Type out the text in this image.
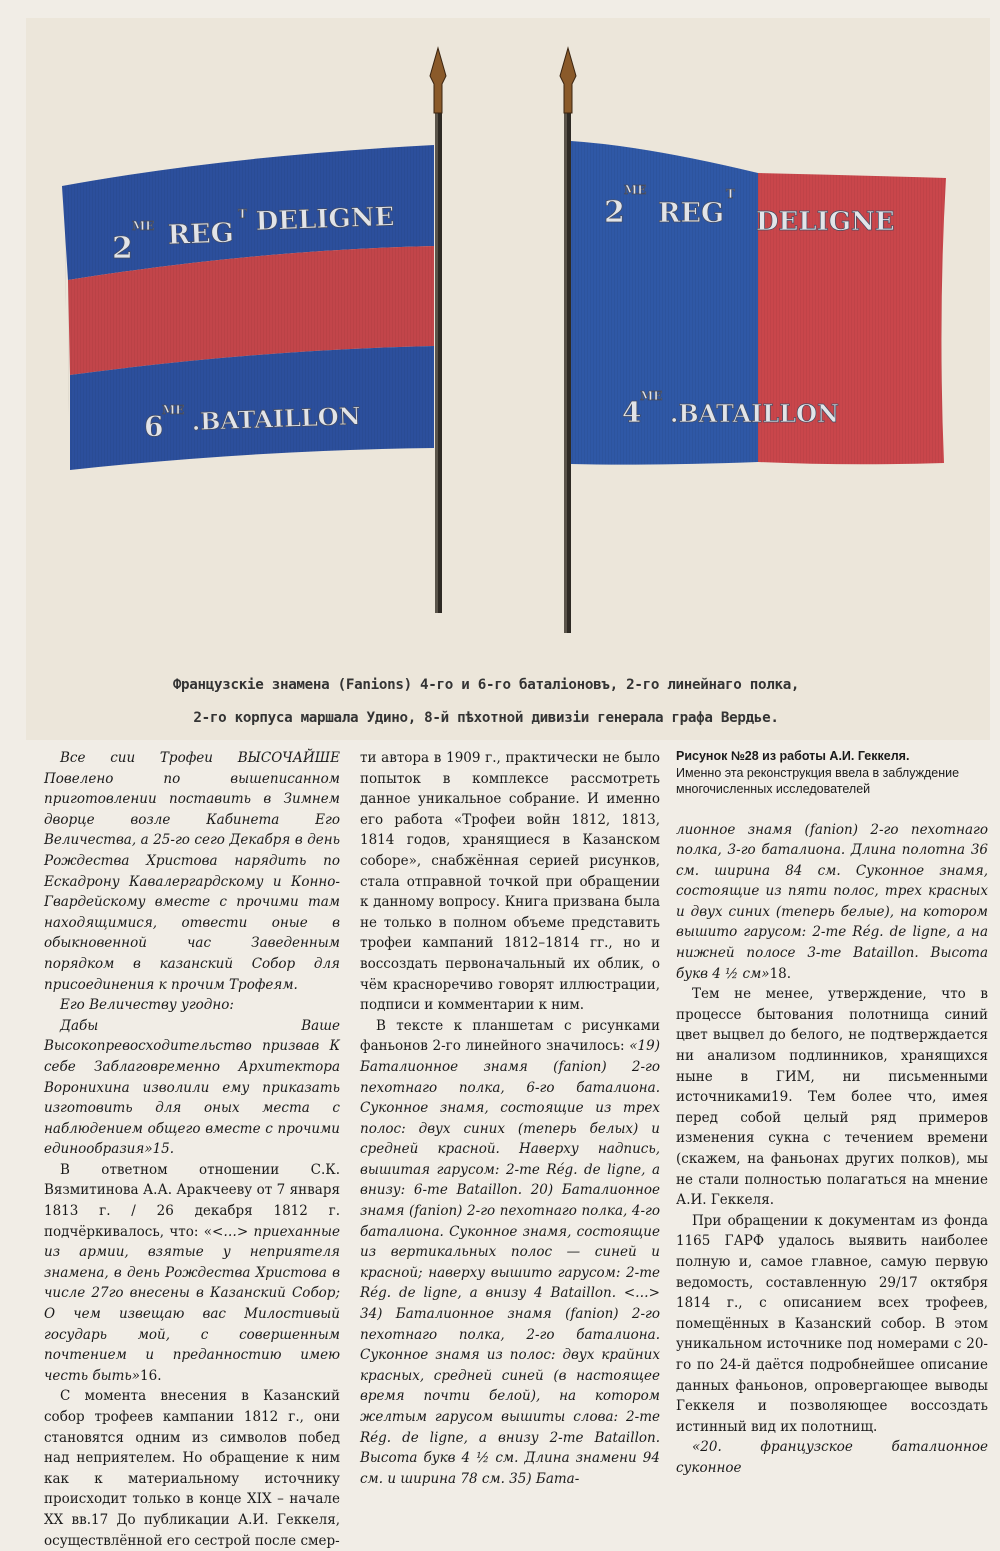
2
ME REG
T DELIGNE
6
ME .BATAILLON
2
ME
REG
T
DELIGNE
4
ME
.BATAILLON
Французскіе знамена (Fanions) 4-го и 6-го баталіоновъ, 2-го линейнаго полка,
2-го корпуса маршала Удино, 8-й пѣхотной дивизіи генерала графа Вердье.

Все сии Трофеи ВЫСОЧАЙШЕ Повелено по вышеписанном приготовлении поставить в Зимнем дворце возле Кабинета Его Величества, а 25-го сего Декабря в день Рождества Христова нарядить по Ескадрону Кавалергардскому и Конно-Гвардейскому вместе с прочими там находящимися, отвести оные в обыкновенной час Заведенным порядком в казанский Собор для присоединения к прочим Трофеям.

Его Величеству угодно:

Дабы Ваше Высокопревосходительство призвав К себе Заблаговременно Архитектора Воронихина изволили ему приказать изготовить для оных места с наблюдением общего вместе с прочими единообразия»15.

В ответном отношении С.К. Вязмитинова А.А. Аракчееву от 7 января 1813 г. / 26 декабря 1812 г. подчёркивалось, что: «<…> приеханные из армии, взятые у неприятеля знамена, в день Рождества Христова в числе 27го внесены в Казанский Собор; О чем извещаю вас Милостивый государь мой, с совершенным почтением и преданностию имею честь быть»16.

С момента внесения в Казанский собор трофеев кампании 1812 г., они становятся одним из символов побед над неприятелем. Но обращение к ним как к материальному источнику происходит только в конце XIX – начале XX вв.17 До публикации А.И. Геккеля, осуществлённой его сестрой после смер-

ти автора в 1909 г., практически не было попыток в комплексе рассмотреть данное уникальное собрание. И именно его работа «Трофеи войн 1812, 1813, 1814 годов, хранящиеся в Казанском соборе», снабжённая серией рисунков, стала отправной точкой при обращении к данному вопросу. Книга призвана была не только в полном объеме представить трофеи кампаний 1812–1814 гг., но и воссоздать первоначальный их облик, о чём красноречиво говорят иллюстрации, подписи и комментарии к ним.

В тексте к планшетам с рисунками фаньонов 2-го линейного значилось: «19) Баталионное знамя (fanion) 2-го пехотнаго полка, 6-го баталиона. Суконное знамя, состоящие из трех полос: двух синих (теперь белых) и средней красной. Наверху надпись, вышитая гарусом: 2-me Rég. de ligne, а внизу: 6-me Bataillon. 20) Баталионное знамя (fanion) 2-го пехотнаго полка, 4-го баталиона. Суконное знамя, состоящие из вертикальных полос — синей и красной; наверху вышито гарусом: 2-me Rég. de ligne, а внизу 4 Bataillon. <…> 34) Баталионное знамя (fanion) 2-го пехотнаго полка, 2-го баталиона. Суконное знамя из полос: двух крайних красных, средней синей (в настоящее время почти белой), на котором желтым гарусом вышиты слова: 2-me Rég. de ligne, а внизу 2-me Bataillon. Высота букв 4 ½ см. Длина знамени 94 см. и ширина 78 см. 35) Бата-

Рисунок №28 из работы А.И. Геккеля.
Именно эта реконструкция ввела в заблуждение многочисленных исследователей

лионное знамя (fanion) 2-го пехотнаго полка, 3-го баталиона. Длина полотна 36 см. ширина 84 см. Суконное знамя, состоящие из пяти полос, трех красных и двух синих (теперь белые), на котором вышито гарусом: 2-me Rég. de ligne, а на нижней полосе 3-me Bataillon. Высота букв 4 ½ см»18.

Тем не менее, утверждение, что в процессе бытования полотнища синий цвет выцвел до белого, не подтверждается ни анализом подлинников, хранящихся ныне в ГИМ, ни письменными источниками19. Тем более что, имея перед собой целый ряд примеров изменения сукна с течением времени (скажем, на фаньонах других полков), мы не стали полностью полагаться на мнение А.И. Геккеля.

При обращении к документам из фонда 1165 ГАРФ удалось выявить наиболее полную и, самое главное, самую первую ведомость, составленную 29/17 октября 1814 г., с описанием всех трофеев, помещённых в Казанский собор. В этом уникальном источнике под номерами с 20-го по 24-й даётся подробнейшее описание данных фаньонов, опровергающее выводы Геккеля и позволяющее воссоздать истинный вид их полотнищ.

«20. французское баталионное суконное
